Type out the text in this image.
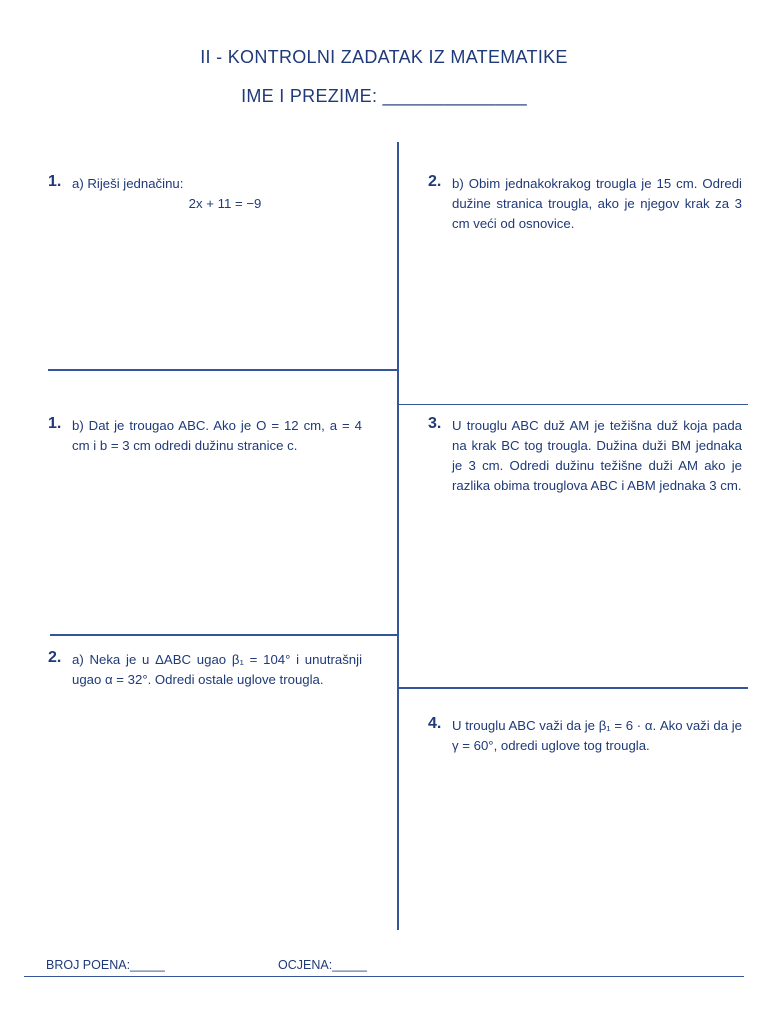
II - KONTROLNI ZADATAK IZ MATEMATIKE
IME I PREZIME: ______________
1. a) Riješi jednačinu:
2x + 11 = −9
2. b) Obim jednakokrakog trougla je 15 cm. Odredi dužine stranica trougla, ako je njegov krak za 3 cm veći od osnovice.
1. b) Dat je trougao ABC. Ako je O = 12 cm, a = 4 cm i b = 3 cm odredi dužinu stranice c.
3. U trouglu ABC duž AM je težišna duž koja pada na krak BC tog trougla. Dužina duži BM jednaka je 3 cm. Odredi dužinu težišne duži AM ako je razlika obima trouglova ABC i ABM jednaka 3 cm.
2. a) Neka je u ΔABC ugao β₁ = 104° i unutrašnji ugao α = 32°. Odredi ostale uglove trougla.
4. U trouglu ABC važi da je β₁ = 6 · α. Ako važi da je γ = 60°, odredi uglove tog trougla.
BROJ POENA:_____	OCJENA:_____
